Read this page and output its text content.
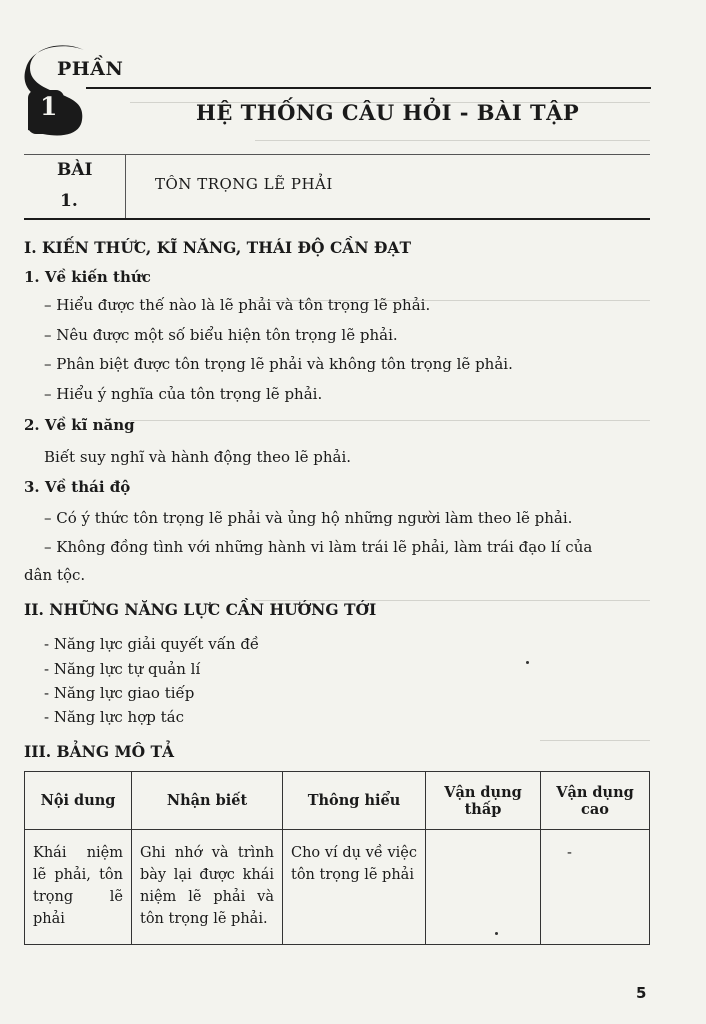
PHẦN
1	HỆ THỐNG CÂU HỎI - BÀI TẬP
BÀI
1.
TÔN TRỌNG LẼ PHẢI
I. KIẾN THỨC, KĨ NĂNG, THÁI ĐỘ CẦN ĐẠT
1. Về kiến thức
– Hiểu được thế nào là lẽ phải và tôn trọng lẽ phải.
– Nêu được một số biểu hiện tôn trọng lẽ phải.
– Phân biệt được tôn trọng lẽ phải và không tôn trọng lẽ phải.
– Hiểu ý nghĩa của tôn trọng lẽ phải.
2. Về kĩ năng
Biết suy nghĩ và hành động theo lẽ phải.
3. Về thái độ
– Có ý thức tôn trọng lẽ phải và ủng hộ những người làm theo lẽ phải.
– Không đồng tình với những hành vi làm trái lẽ phải, làm trái đạo lí của
dân tộc.
II. NHỮNG NĂNG LỰC CẦN HƯỚNG TỚI
- Năng lực giải quyết vấn đề
- Năng lực tự quản lí
- Năng lực giao tiếp
- Năng lực hợp tác
III. BẢNG MÔ TẢ
Nội dung	Nhận biết	Thông hiểu	Vận dụng thấp	Vận dụng cao

Khái niệm lẽ phải, tôn trọng lẽ phải	Ghi nhớ và trình bày lại được khái niệm lẽ phải và tôn trọng lẽ phải.	Cho ví dụ về việc tôn trọng lẽ phải		-
5
